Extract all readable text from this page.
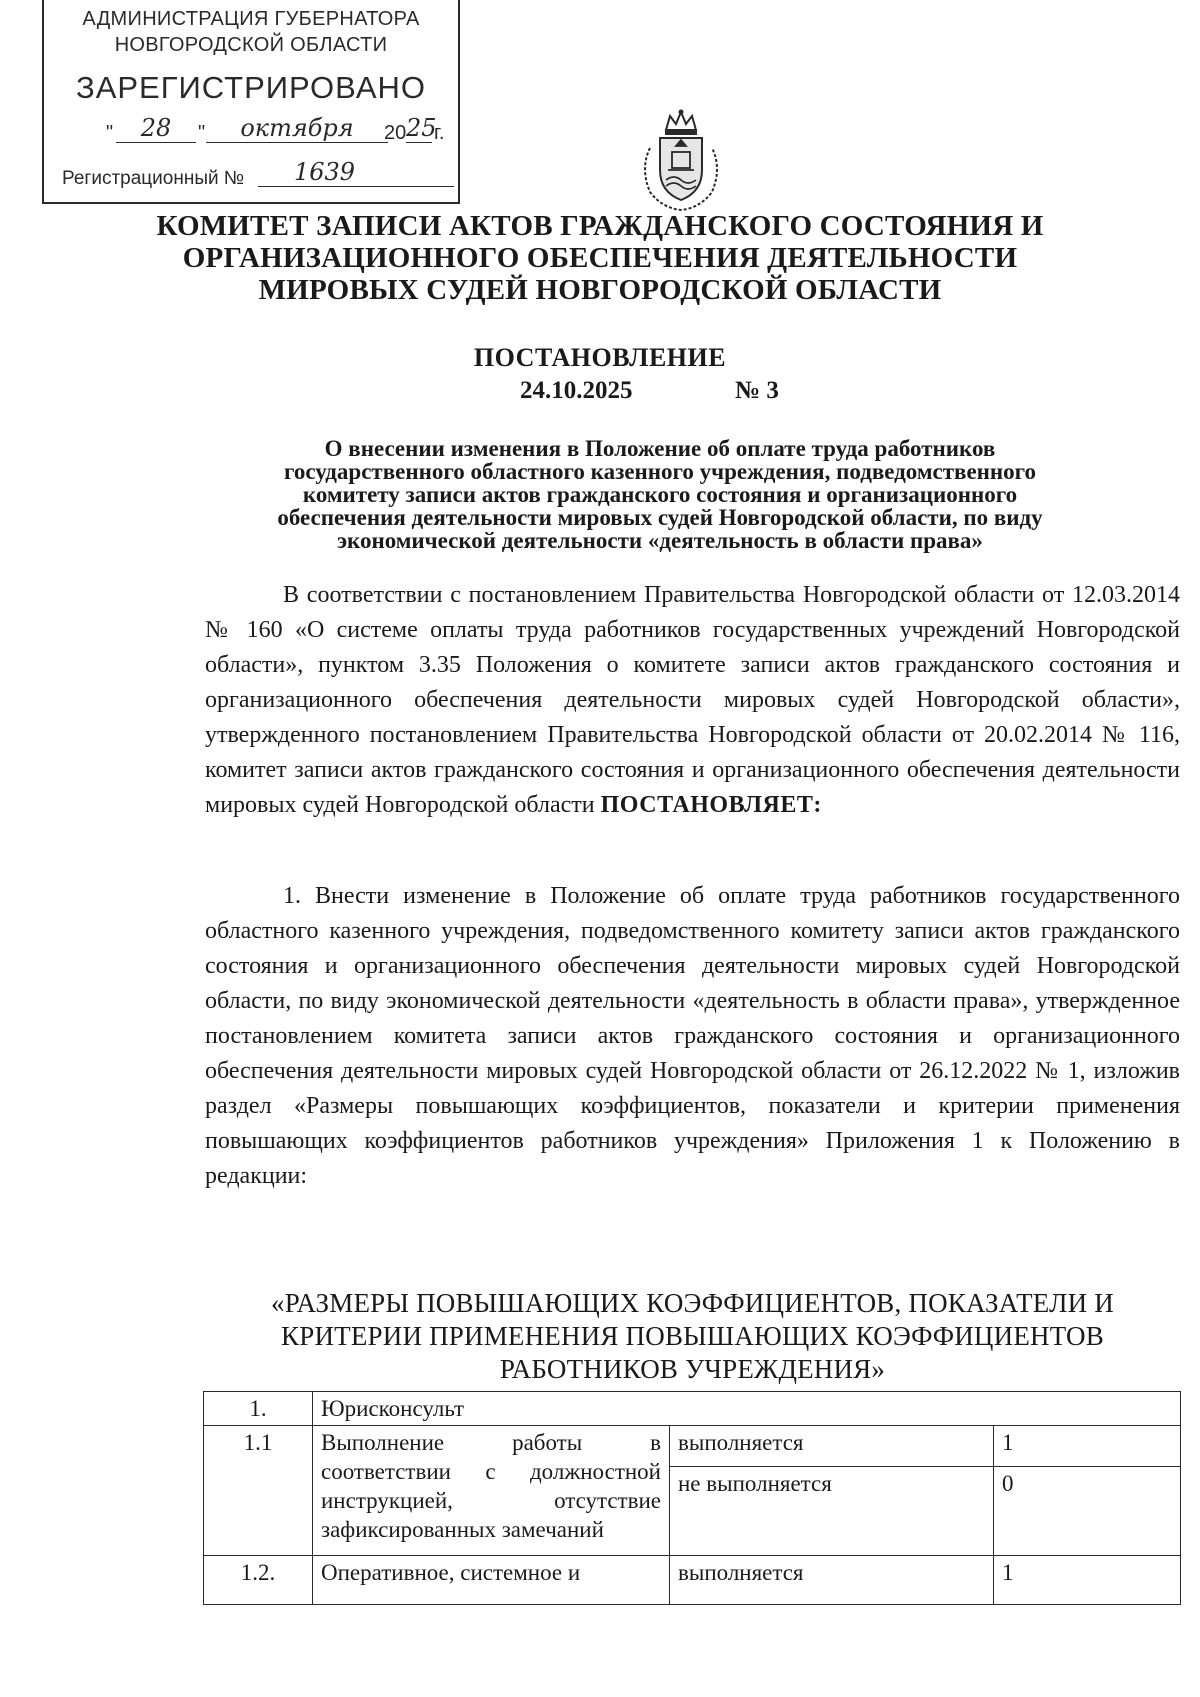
АДМИНИСТРАЦИЯ ГУБЕРНАТОРА
НОВГОРОДСКОЙ ОБЛАСТИ
ЗАРЕГИСТРИРОВАНО
"	28	"	октября	20 25
г.
Регистрационный №	1639
КОМИТЕТ ЗАПИСИ АКТОВ ГРАЖДАНСКОГО СОСТОЯНИЯ И
ОРГАНИЗАЦИОННОГО ОБЕСПЕЧЕНИЯ ДЕЯТЕЛЬНОСТИ
МИРОВЫХ СУДЕЙ НОВГОРОДСКОЙ ОБЛАСТИ
ПОСТАНОВЛЕНИЕ
24.10.2025	№ 3
О внесении изменения в Положение об оплате труда работников
государственного областного казенного учреждения, подведомственного
комитету записи актов гражданского состояния и организационного
обеспечения деятельности мировых судей Новгородской области, по виду
экономической деятельности «деятельность в области права»
В соответствии с постановлением Правительства Новгородской области от 12.03.2014 № 160 «О системе оплаты труда работников государственных учреждений Новгородской области», пунктом 3.35 Положения о комитете записи актов гражданского состояния и организационного обеспечения деятельности мировых судей Новгородской области», утвержденного постановлением Правительства Новгородской области от 20.02.2014 № 116, комитет записи актов гражданского состояния и организационного обеспечения деятельности мировых судей Новгородской области ПОСТАНОВЛЯЕТ:
1. Внести изменение в Положение об оплате труда работников государственного областного казенного учреждения, подведомственного комитету записи актов гражданского состояния и организационного обеспечения деятельности мировых судей Новгородской области, по виду экономической деятельности «деятельность в области права», утвержденное постановлением комитета записи актов гражданского состояния и организационного обеспечения деятельности мировых судей Новгородской области от 26.12.2022 № 1, изложив раздел «Размеры повышающих коэффициентов, показатели и критерии применения повышающих коэффициентов работников учреждения» Приложения 1 к Положению в редакции:
«РАЗМЕРЫ ПОВЫШАЮЩИХ КОЭФФИЦИЕНТОВ, ПОКАЗАТЕЛИ И
КРИТЕРИИ ПРИМЕНЕНИЯ ПОВЫШАЮЩИХ КОЭФФИЦИЕНТОВ
РАБОТНИКОВ УЧРЕЖДЕНИЯ»
1.	Юрисконсульт		
1.1	Выполнение работы в соответствии с должностной инструкцией, отсутствие зафиксированных замечаний	выполняется	1
		не выполняется	0
1.2.	Оперативное, системное и	выполняется	1
